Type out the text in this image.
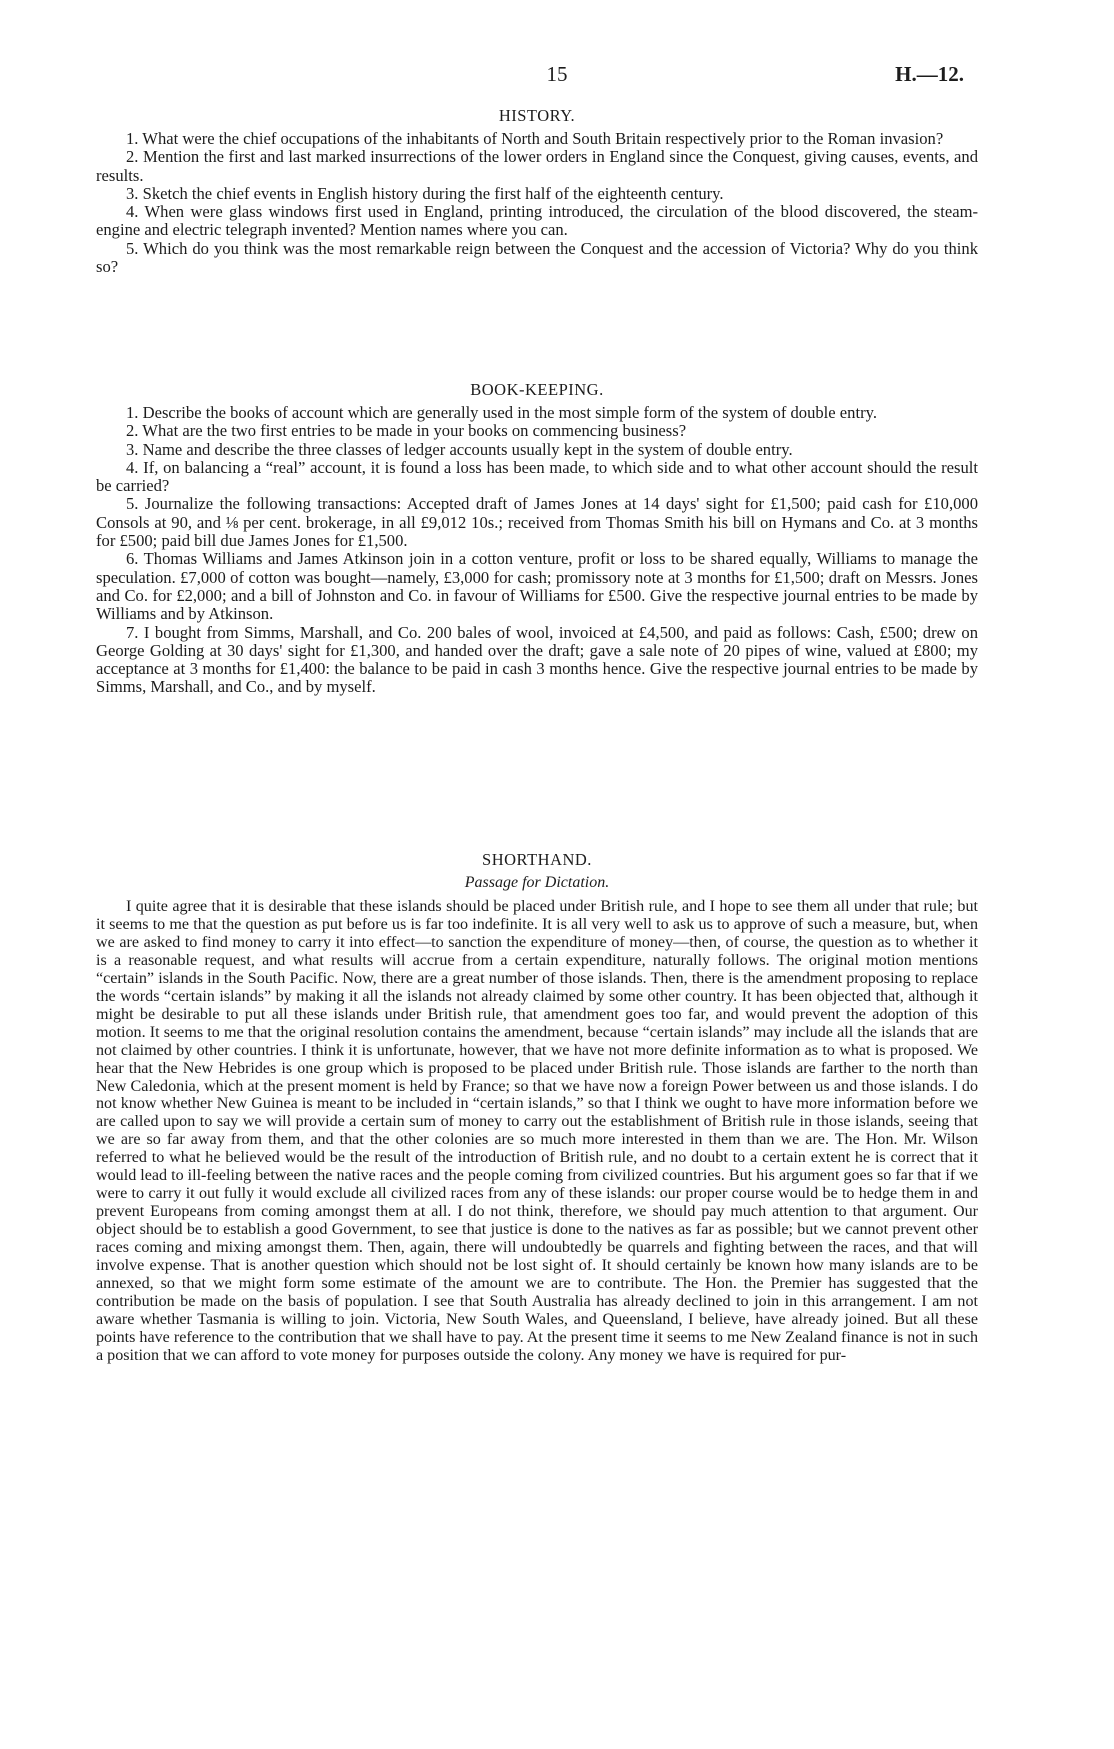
15	H.—12.
HISTORY.

1. What were the chief occupations of the inhabitants of North and South Britain respectively prior to the Roman invasion?

2. Mention the first and last marked insurrections of the lower orders in England since the Conquest, giving causes, events, and results.

3. Sketch the chief events in English history during the first half of the eighteenth century.

4. When were glass windows first used in England, printing introduced, the circulation of the blood discovered, the steam-engine and electric telegraph invented? Mention names where you can.

5. Which do you think was the most remarkable reign between the Conquest and the accession of Victoria? Why do you think so?

BOOK-KEEPING.

1. Describe the books of account which are generally used in the most simple form of the system of double entry.

2. What are the two first entries to be made in your books on commencing business?

3. Name and describe the three classes of ledger accounts usually kept in the system of double entry.

4. If, on balancing a “real” account, it is found a loss has been made, to which side and to what other account should the result be carried?

5. Journalize the following transactions: Accepted draft of James Jones at 14 days' sight for £1,500; paid cash for £10,000 Consols at 90, and ⅛ per cent. brokerage, in all £9,012 10s.; received from Thomas Smith his bill on Hymans and Co. at 3 months for £500; paid bill due James Jones for £1,500.

6. Thomas Williams and James Atkinson join in a cotton venture, profit or loss to be shared equally, Williams to manage the speculation. £7,000 of cotton was bought—namely, £3,000 for cash; promissory note at 3 months for £1,500; draft on Messrs. Jones and Co. for £2,000; and a bill of Johnston and Co. in favour of Williams for £500. Give the respective journal entries to be made by Williams and by Atkinson.

7. I bought from Simms, Marshall, and Co. 200 bales of wool, invoiced at £4,500, and paid as follows: Cash, £500; drew on George Golding at 30 days' sight for £1,300, and handed over the draft; gave a sale note of 20 pipes of wine, valued at £800; my acceptance at 3 months for £1,400: the balance to be paid in cash 3 months hence. Give the respective journal entries to be made by Simms, Marshall, and Co., and by myself.

SHORTHAND.
Passage for Dictation.

I quite agree that it is desirable that these islands should be placed under British rule, and I hope to see them all under that rule; but it seems to me that the question as put before us is far too indefinite. It is all very well to ask us to approve of such a measure, but, when we are asked to find money to carry it into effect—to sanction the expenditure of money—then, of course, the question as to whether it is a reasonable request, and what results will accrue from a certain expenditure, naturally follows. The original motion mentions “certain” islands in the South Pacific. Now, there are a great number of those islands. Then, there is the amendment proposing to replace the words “certain islands” by making it all the islands not already claimed by some other country. It has been objected that, although it might be desirable to put all these islands under British rule, that amendment goes too far, and would prevent the adoption of this motion. It seems to me that the original resolution contains the amendment, because “certain islands” may include all the islands that are not claimed by other countries. I think it is unfortunate, however, that we have not more definite information as to what is proposed. We hear that the New Hebrides is one group which is proposed to be placed under British rule. Those islands are farther to the north than New Caledonia, which at the present moment is held by France; so that we have now a foreign Power between us and those islands. I do not know whether New Guinea is meant to be included in “certain islands,” so that I think we ought to have more information before we are called upon to say we will provide a certain sum of money to carry out the establishment of British rule in those islands, seeing that we are so far away from them, and that the other colonies are so much more interested in them than we are. The Hon. Mr. Wilson referred to what he believed would be the result of the introduction of British rule, and no doubt to a certain extent he is correct that it would lead to ill-feeling between the native races and the people coming from civilized countries. But his argument goes so far that if we were to carry it out fully it would exclude all civilized races from any of these islands: our proper course would be to hedge them in and prevent Europeans from coming amongst them at all. I do not think, therefore, we should pay much attention to that argument. Our object should be to establish a good Government, to see that justice is done to the natives as far as possible; but we cannot prevent other races coming and mixing amongst them. Then, again, there will undoubtedly be quarrels and fighting between the races, and that will involve expense. That is another question which should not be lost sight of. It should certainly be known how many islands are to be annexed, so that we might form some estimate of the amount we are to contribute. The Hon. the Premier has suggested that the contribution be made on the basis of population. I see that South Australia has already declined to join in this arrangement. I am not aware whether Tasmania is willing to join. Victoria, New South Wales, and Queensland, I believe, have already joined. But all these points have reference to the contribution that we shall have to pay. At the present time it seems to me New Zealand finance is not in such a position that we can afford to vote money for purposes outside the colony. Any money we have is required for pur-
